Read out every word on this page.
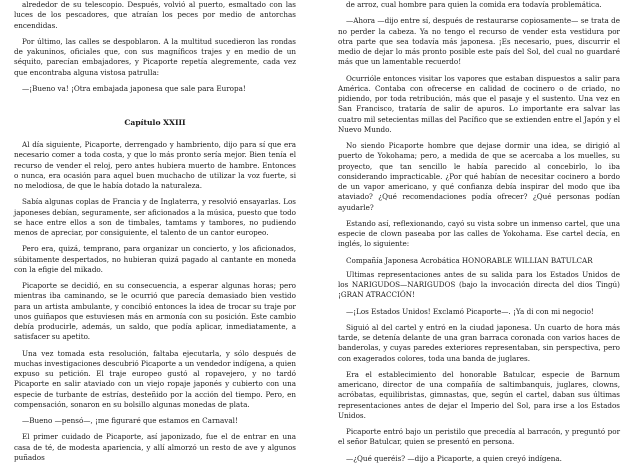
alrededor de su telescopio. Después, volvió al puerto, esmaltado con las luces de los pescadores, que atraían los peces por medio de antorchas encendidas.

Por último, las calles se despoblaron. A la multitud sucedieron las rondas de yakuninos, oficiales que, con sus magníficos trajes y en medio de un séquito, parecían embajadores, y Picaporte repetía alegremente, cada vez que encontraba alguna vistosa patrulla:

—¡Bueno va! ¡Otra embajada japonesa que sale para Europa!

Capítulo XXIII

Al día siguiente, Picaporte, derrengado y hambriento, dijo para sí que era necesario comer a toda costa, y que lo más pronto sería mejor. Bien tenía el recurso de vender el reloj, pero antes hubiera muerto de hambre. Entonces o nunca, era ocasión para aquel buen muchacho de utilizar la voz fuerte, si no melodiosa, de que le había dotado la naturaleza.

Sabía algunas coplas de Francia y de Inglaterra, y resolvió ensayarlas. Los japoneses debían, seguramente, ser aficionados a la música, puesto que todo se hace entre ellos a son de timbales, tamtams y tambores, no pudiendo menos de apreciar, por consiguiente, el talento de un cantor europeo.

Pero era, quizá, temprano, para organizar un concierto, y los aficionados, súbitamente despertados, no hubieran quizá pagado al cantante en moneda con la efigie del mikado.

Picaporte se decidió, en su consecuencia, a esperar algunas horas; pero mientras iba caminando, se le ocurrió que parecía demasiado bien vestido para un artista ambulante, y concibió entonces la idea de trocar su traje por unos guiñapos que estuviesen más en armonía con su posición. Este cambio debía producirle, además, un saldo, que podía aplicar, inmediatamente, a satisfacer su apetito.

Una vez tomada esta resolución, faltaba ejecutarla, y sólo después de muchas investigaciones descubrió Picaporte a un vendedor indígena, a quien expuso su petición. El traje europeo gustó al ropavejero, y no tardó Picaporte en salir ataviado con un viejo ropaje japonés y cubierto con una especie de turbante de estrías, desteñido por la acción del tiempo. Pero, en compensación, sonaron en su bolsillo algunas monedas de plata.

—Bueno —pensó—, ¡me figuraré que estamos en Carnaval!

El primer cuidado de Picaporte, así japonizado, fue el de entrar en una casa de té, de modesta apariencia, y allí almorzó un resto de ave y algunos puñados

de arroz, cual hombre para quien la comida era todavía problemática.

—Ahora —dijo entre sí, después de restaurarse copiosamente— se trata de no perder la cabeza. Ya no tengo el recurso de vender esta vestidura por otra parte que sea todavía más japonesa. ¡Es necesario, pues, discurrir el medio de dejar lo más pronto posible este país del Sol, del cual no guardaré más que un lamentable recuerdo!

Ocurrióle entonces visitar los vapores que estaban dispuestos a salir para América. Contaba con ofrecerse en calidad de cocinero o de criado, no pidiendo, por toda retribución, más que el pasaje y el sustento. Una vez en San Francisco, trataría de salir de apuros. Lo importante era salvar las cuatro mil setecientas millas del Pacífico que se extienden entre el Japón y el Nuevo Mundo.

No siendo Picaporte hombre que dejase dormir una idea, se dirigió al puerto de Yokohama; pero, a medida de que se acercaba a los muelles, su proyecto, que tan sencillo le había parecido al concebirlo, lo iba considerando impracticable. ¿Por qué habían de necesitar cocinero a bordo de un vapor americano, y qué confianza debía inspirar del modo que iba ataviado? ¿Qué recomendaciones podía ofrecer? ¿Qué personas podían ayudarle?

Estando así, reflexionando, cayó su vista sobre un inmenso cartel, que una especie de clown paseaba por las calles de Yokohama. Ese cartel decía, en inglés, lo siguiente:

Compañía Japonesa Acrobática HONORABLE WILLIAN BATULCAR

Ultimas representaciones antes de su salida para los Estados Unidos de los NARIGUDOS—NARIGUDOS (bajo la invocación directa del dios Tingú) ¡GRAN ATRACCIÓN!

—¡Los Estados Unidos! Exclamó Picaporte—. ¡Ya di con mi negocio!

Siguió al del cartel y entró en la ciudad japonesa. Un cuarto de hora más tarde, se detenía delante de una gran barraca coronada con varios haces de banderolas, y cuyas paredes exteriores representaban, sin perspectiva, pero con exagerados colores, toda una banda de juglares.

Era el establecimiento del honorable Batulcar, especie de Barnum americano, director de una compañía de saltimbanquis, juglares, clowns, acróbatas, equilibristas, gimnastas, que, según el cartel, daban sus últimas representaciones antes de dejar el Imperio del Sol, para irse a los Estados Unidos.

Picaporte entró bajo un peristilo que precedía al barracón, y preguntó por el señor Batulcar, quien se presentó en persona.

—¿Qué queréis? —dijo a Picaporte, a quien creyó indígena.
